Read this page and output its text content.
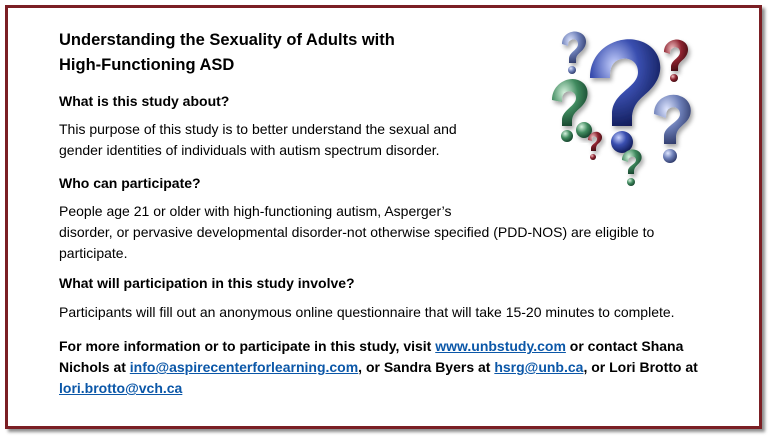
Understanding the Sexuality of Adults with
High-Functioning ASD
What is this study about?

This purpose of this study is to better understand the sexual and
gender identities of individuals with autism spectrum disorder.

Who can participate?

People age 21 or older with high-functioning autism, Asperger’s
disorder, or pervasive developmental disorder-not otherwise specified (PDD-NOS) are eligible to
participate.

What will participation in this study involve?

Participants will fill out an anonymous online questionnaire that will take 15-20 minutes to complete.

For more information or to participate in this study, visit www.unbstudy.com or contact Shana Nichols at info@aspirecenterforlearning.com, or Sandra Byers at hsrg@unb.ca, or Lori Brotto at lori.brotto@vch.ca
